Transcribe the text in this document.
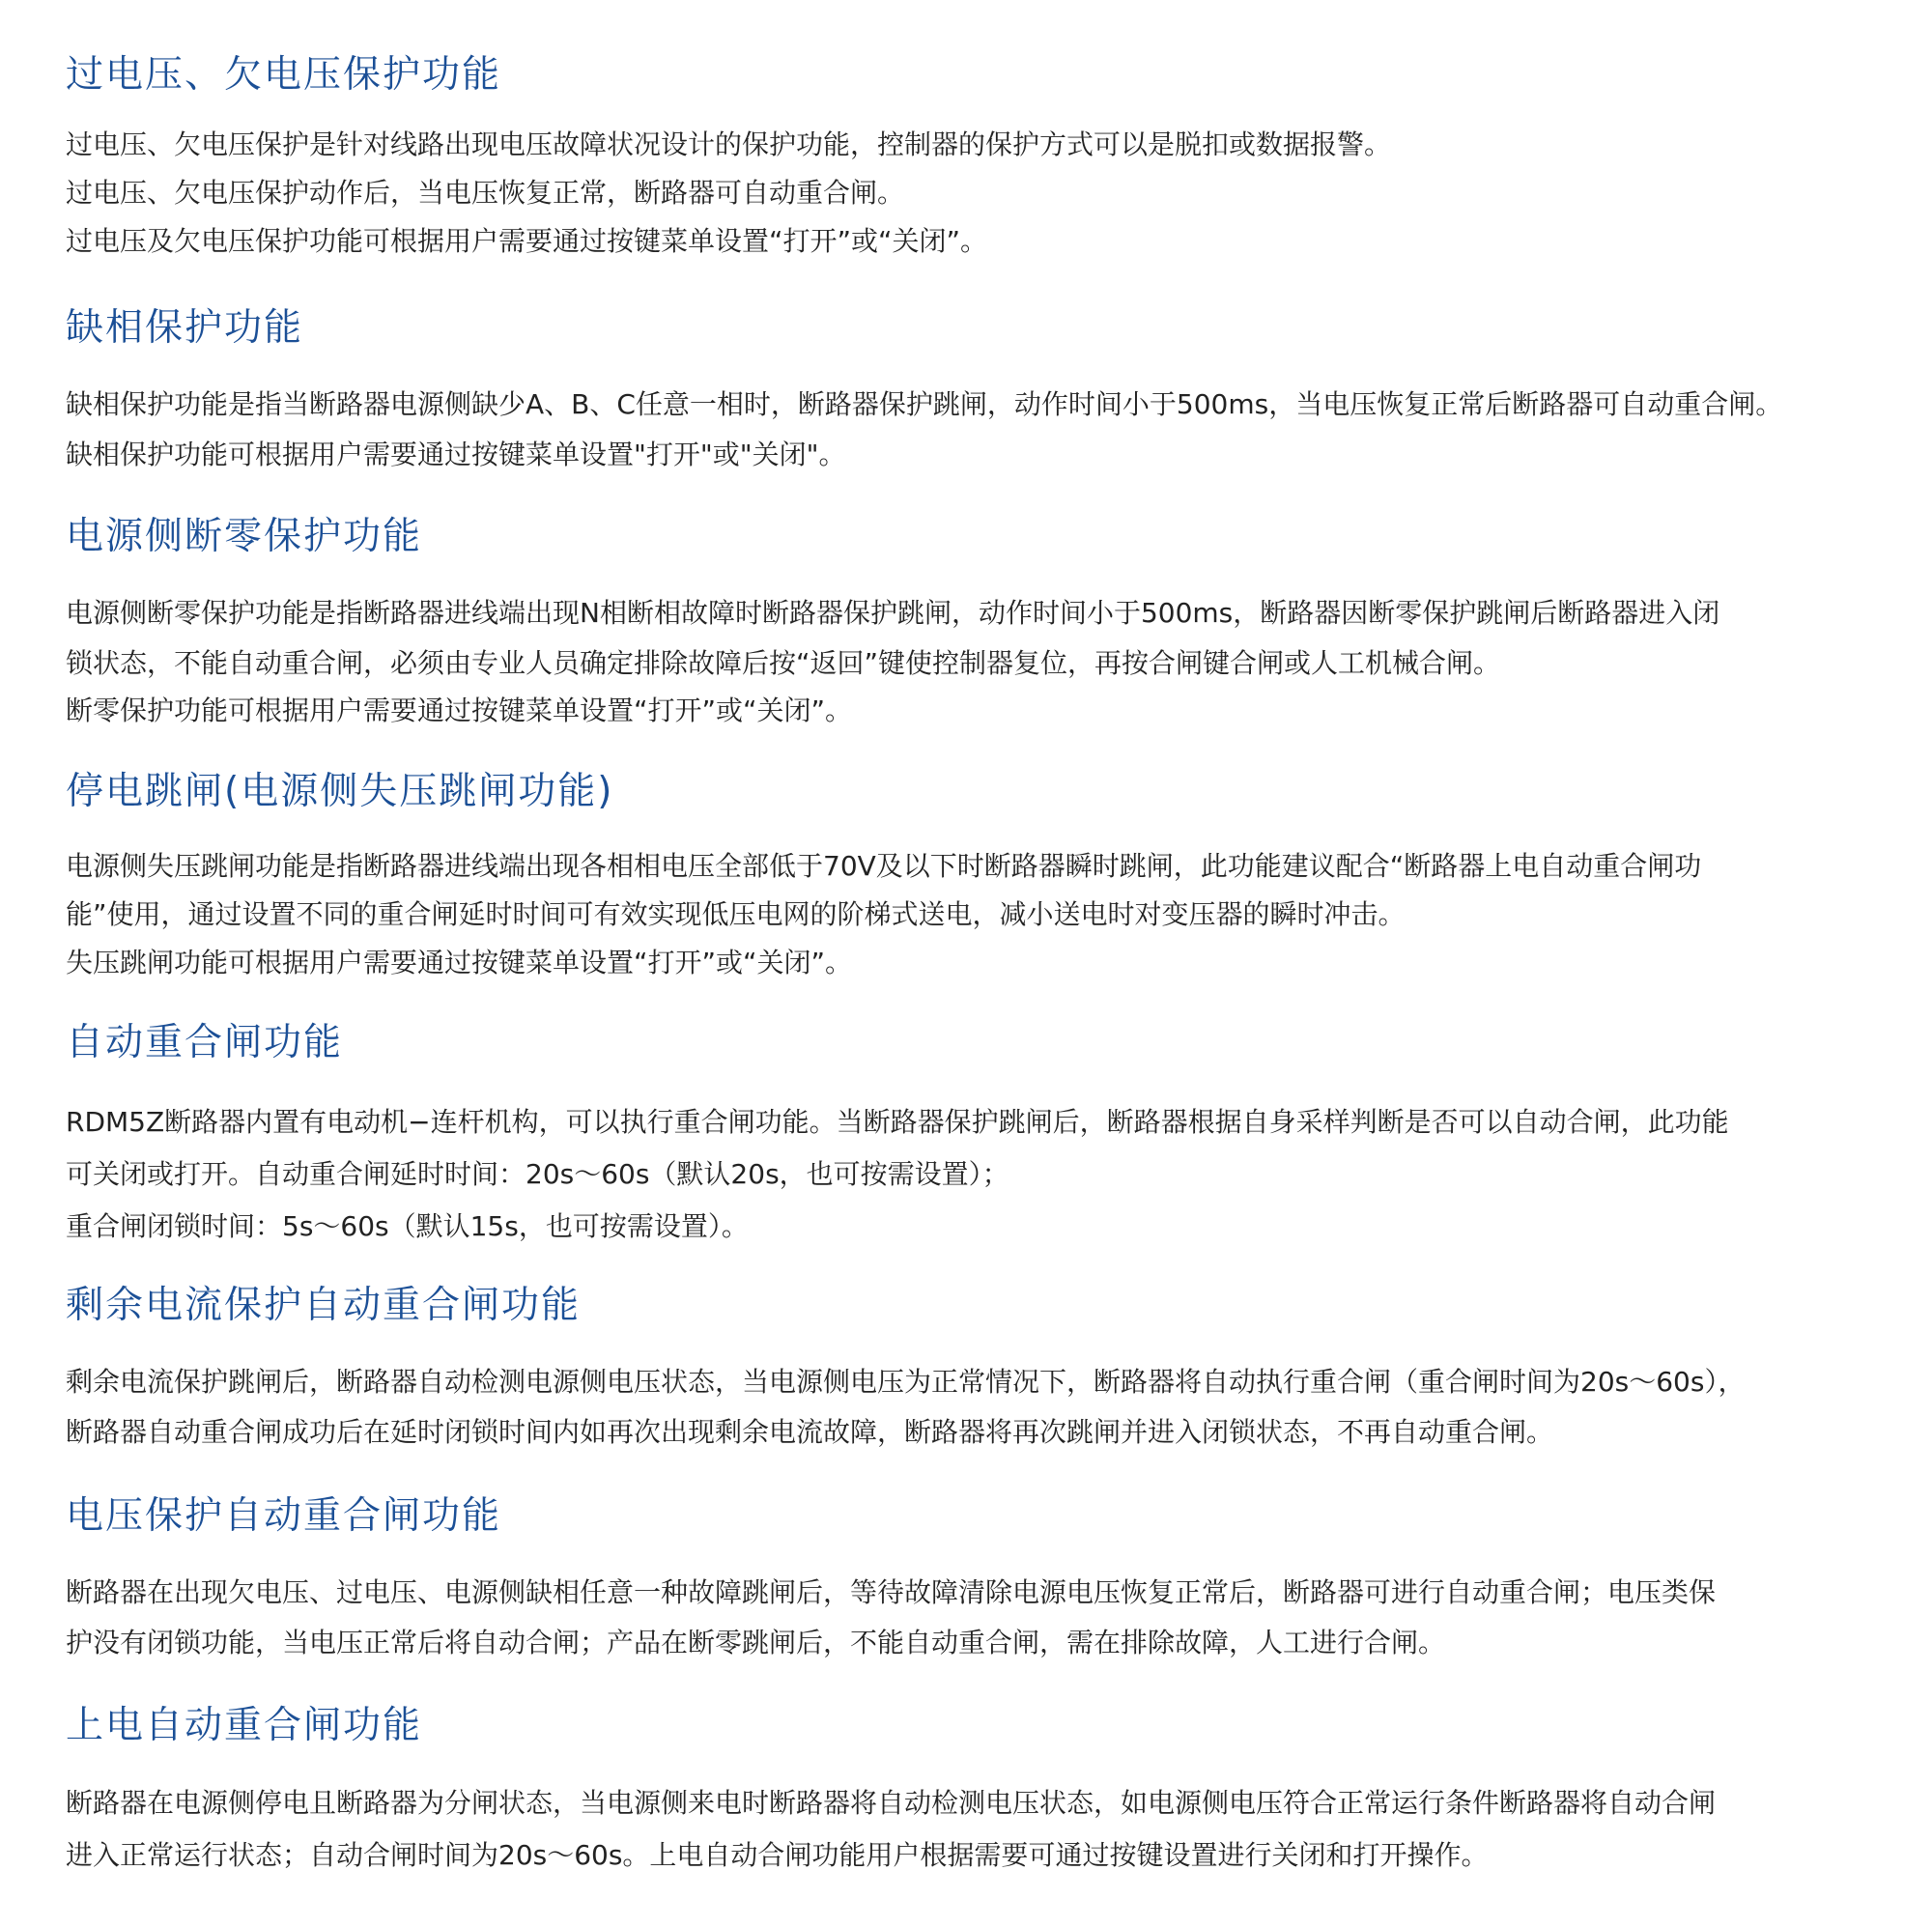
过电压、欠电压保护功能

过电压、欠电压保护是针对线路出现电压故障状况设计的保护功能，控制器的保护方式可以是脱扣或数据报警。

过电压、欠电压保护动作后，当电压恢复正常，断路器可自动重合闸。

过电压及欠电压保护功能可根据用户需要通过按键菜单设置“打开”或“关闭”。

缺相保护功能

缺相保护功能是指当断路器电源侧缺少A、B、C任意一相时，断路器保护跳闸，动作时间小于500ms，当电压恢复正常后断路器可自动重合闸。

缺相保护功能可根据用户需要通过按键菜单设置"打开"或"关闭"。

电源侧断零保护功能

电源侧断零保护功能是指断路器进线端出现N相断相故障时断路器保护跳闸，动作时间小于500ms，断路器因断零保护跳闸后断路器进入闭

锁状态，不能自动重合闸，必须由专业人员确定排除故障后按“返回”键使控制器复位，再按合闸键合闸或人工机械合闸。

断零保护功能可根据用户需要通过按键菜单设置“打开”或“关闭”。

停电跳闸(电源侧失压跳闸功能)

电源侧失压跳闸功能是指断路器进线端出现各相相电压全部低于70V及以下时断路器瞬时跳闸，此功能建议配合“断路器上电自动重合闸功

能”使用，通过设置不同的重合闸延时时间可有效实现低压电网的阶梯式送电，减小送电时对变压器的瞬时冲击。

失压跳闸功能可根据用户需要通过按键菜单设置“打开”或“关闭”。

自动重合闸功能

RDM5Z断路器内置有电动机−连杆机构，可以执行重合闸功能。当断路器保护跳闸后，断路器根据自身采样判断是否可以自动合闸，此功能

可关闭或打开。自动重合闸延时时间：20s～60s（默认20s，也可按需设置）；

重合闸闭锁时间：5s～60s（默认15s，也可按需设置）。

剩余电流保护自动重合闸功能

剩余电流保护跳闸后，断路器自动检测电源侧电压状态，当电源侧电压为正常情况下，断路器将自动执行重合闸（重合闸时间为20s～60s），

断路器自动重合闸成功后在延时闭锁时间内如再次出现剩余电流故障，断路器将再次跳闸并进入闭锁状态，不再自动重合闸。

电压保护自动重合闸功能

断路器在出现欠电压、过电压、电源侧缺相任意一种故障跳闸后，等待故障清除电源电压恢复正常后，断路器可进行自动重合闸；电压类保

护没有闭锁功能，当电压正常后将自动合闸；产品在断零跳闸后，不能自动重合闸，需在排除故障，人工进行合闸。

上电自动重合闸功能

断路器在电源侧停电且断路器为分闸状态，当电源侧来电时断路器将自动检测电压状态，如电源侧电压符合正常运行条件断路器将自动合闸

进入正常运行状态；自动合闸时间为20s～60s。上电自动合闸功能用户根据需要可通过按键设置进行关闭和打开操作。
